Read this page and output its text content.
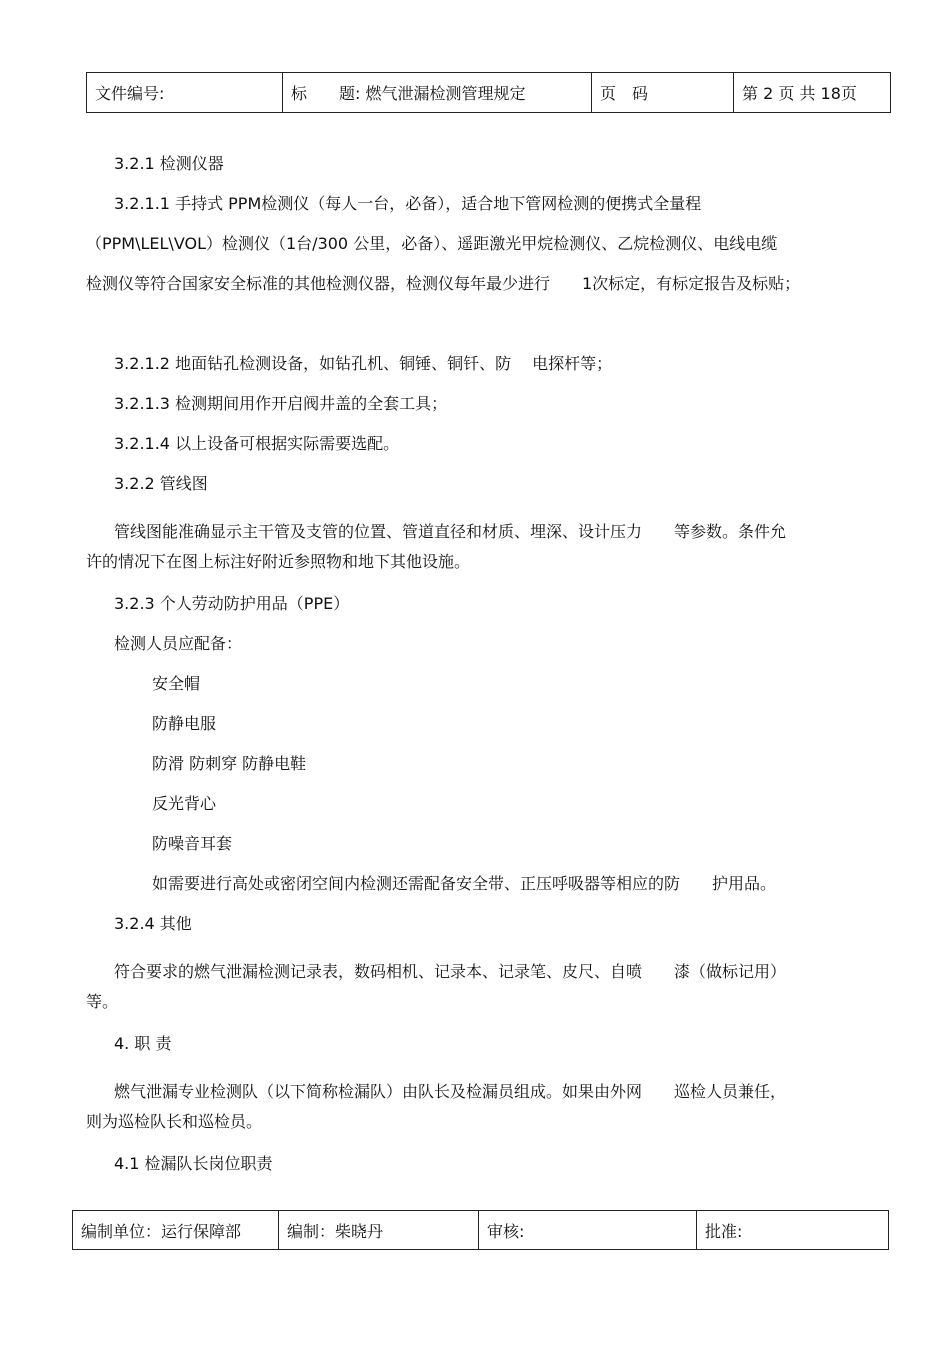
文件编号:	标　　题: 燃气泄漏检测管理规定	页　码	第 2 页 共 18页
3.2.1 检测仪器
3.2.1.1 手持式 PPM检测仪（每人一台，必备），适合地下管网检测的便携式全量程
（PPM\LEL\VOL）检测仪（1台/300 公里，必备）、遥距激光甲烷检测仪、乙烷检测仪、电线电缆
检测仪等符合国家安全标准的其他检测仪器，检测仪每年最少进行　　1次标定，有标定报告及标贴；
3.2.1.2 地面钻孔检测设备，如钻孔机、铜锤、铜钎、防　 电探杆等；
3.2.1.3 检测期间用作开启阀井盖的全套工具；
3.2.1.4 以上设备可根据实际需要选配。
3.2.2 管线图
管线图能准确显示主干管及支管的位置、管道直径和材质、埋深、设计压力　　等参数。条件允
许的情况下在图上标注好附近参照物和地下其他设施。
3.2.3 个人劳动防护用品（PPE）
检测人员应配备：
安全帽
防静电服
防滑 防刺穿 防静电鞋
反光背心
防噪音耳套
如需要进行高处或密闭空间内检测还需配备安全带、正压呼吸器等相应的防　　护用品。
3.2.4 其他
符合要求的燃气泄漏检测记录表，数码相机、记录本、记录笔、皮尺、自喷　　漆（做标记用）
等。
4. 职 责
燃气泄漏专业检测队（以下简称检漏队）由队长及检漏员组成。如果由外网　　巡检人员兼任，
则为巡检队长和巡检员。
4.1 检漏队长岗位职责
编制单位：运行保障部	编制：柴晓丹	审核:	批准:
